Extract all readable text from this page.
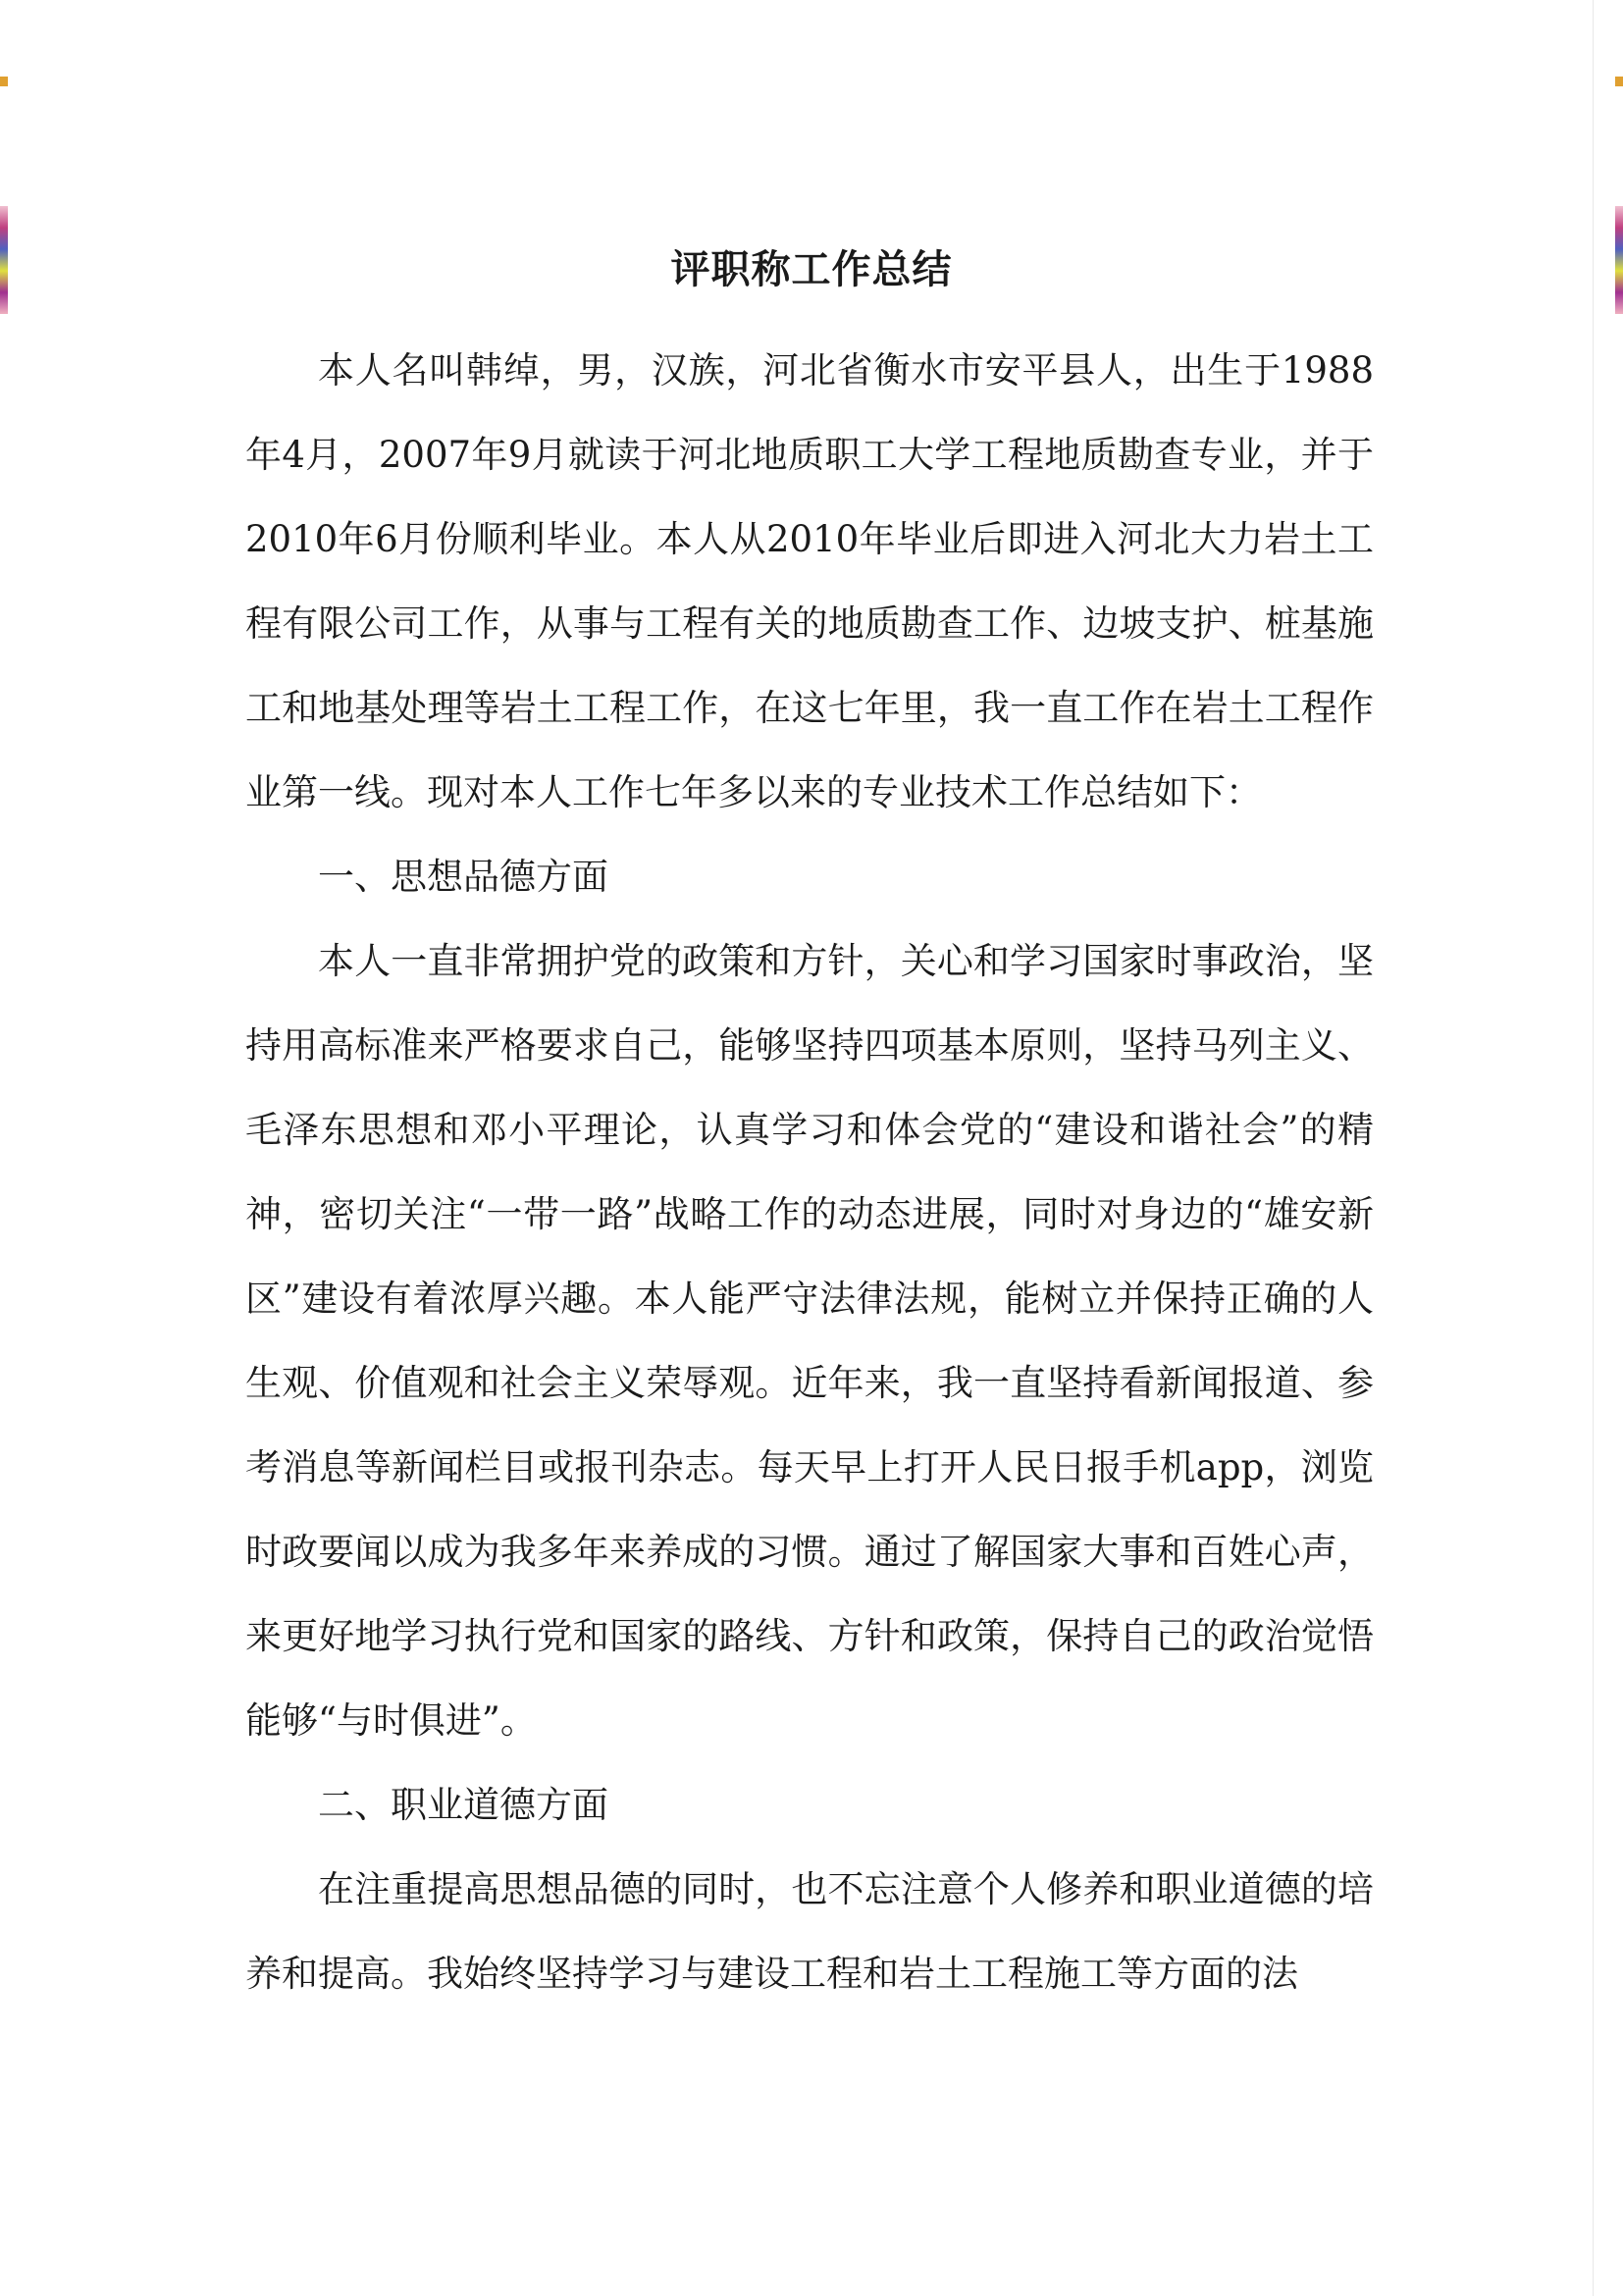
评职称工作总结

本人名叫韩绰，男，汉族，河北省衡水市安平县人，出生于1988年4月，2007年9月就读于河北地质职工大学工程地质勘查专业，并于2010年6月份顺利毕业。本人从2010年毕业后即进入河北大力岩土工程有限公司工作，从事与工程有关的地质勘查工作、边坡支护、桩基施工和地基处理等岩土工程工作，在这七年里，我一直工作在岩土工程作业第一线。现对本人工作七年多以来的专业技术工作总结如下：

一、思想品德方面

本人一直非常拥护党的政策和方针，关心和学习国家时事政治，坚持用高标准来严格要求自己，能够坚持四项基本原则，坚持马列主义、毛泽东思想和邓小平理论，认真学习和体会党的“建设和谐社会”的精神，密切关注“一带一路”战略工作的动态进展，同时对身边的“雄安新区”建设有着浓厚兴趣。本人能严守法律法规，能树立并保持正确的人生观、价值观和社会主义荣辱观。近年来，我一直坚持看新闻报道、参考消息等新闻栏目或报刊杂志。每天早上打开人民日报手机app，浏览时政要闻以成为我多年来养成的习惯。通过了解国家大事和百姓心声，来更好地学习执行党和国家的路线、方针和政策，保持自己的政治觉悟能够“与时俱进”。

二、职业道德方面

在注重提高思想品德的同时，也不忘注意个人修养和职业道德的培养和提高。我始终坚持学习与建设工程和岩土工程施工等方面的法
